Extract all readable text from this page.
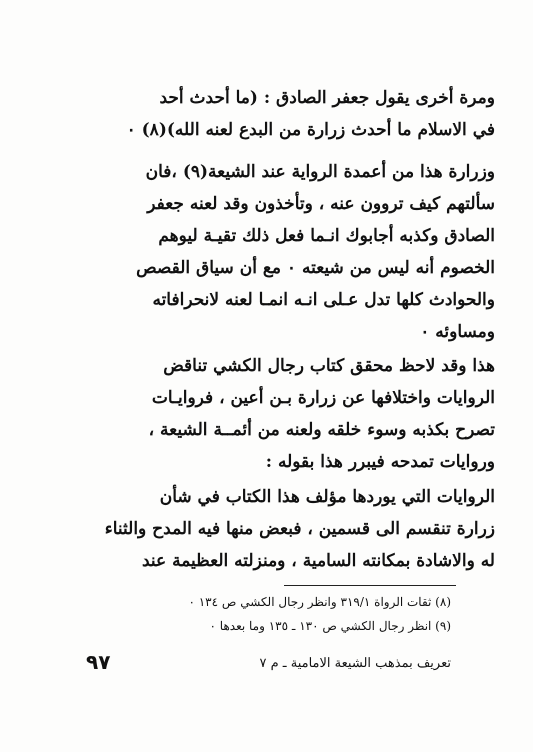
ومرة أخرى يقول جعفر الصادق : (ما أحدث أحد
في الاسلام ما أحدث زرارة من البدع لعنه الله)(٨) ٠
وزرارة هذا من أعمدة الرواية عند الشيعة(٩) ،فان
سألتهم كيف تروون عنه ، وتأخذون وقد لعنه جعفر
الصادق وكذبه أجابوك انـما فعل ذلك تقيـة ليوهم
الخصوم أنه ليس من شيعته ٠ مع أن سياق القصص
والحوادث كلها تدل عـلى انـه انمـا لعنه لانحرافاته
ومساوئه ٠
هذا وقد لاحظ محقق كتاب رجال الكشي تناقض
الروايات واختلافها عن زرارة بـن أعين ، فروايـات
تصرح بكذبه وسوء خلقه ولعنه من أئمــة الشيعة ،
وروايات تمدحه فيبرر هذا بقوله :
الروايات التي يوردها مؤلف هذا الكتاب في شأن
زرارة تنقسم الى قسمين ، فبعض منها فيه المدح والثناء
له والاشادة بمكانته السامية ، ومنزلته العظيمة عند
(٨) ثقات الرواة ٣١٩/١ وانظر رجال الكشي ص ١٣٤ ٠
(٩) انظر رجال الكشي ص ١٣٠ ـ ١٣٥ وما بعدها ٠
تعريف بمذهب الشيعة الامامية ـ م ٧
٩٧
